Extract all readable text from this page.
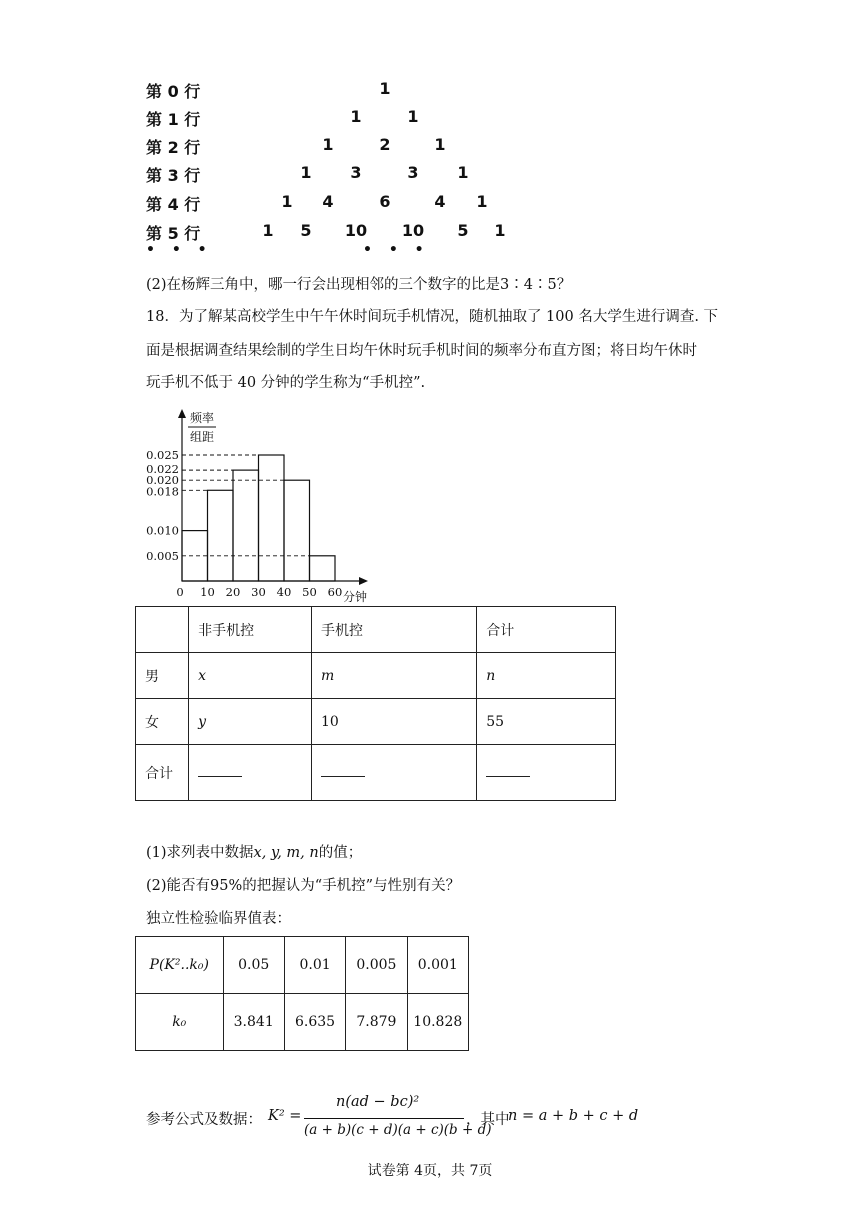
第 0 行	1
第 1 行	1	1
第 2 行	1	2	1
第 3 行	1 3	3 1
第 4 行	1 4	6	4 1
第 5 行	1 5 10 10 5 1
• • •	• • •
(2)在杨辉三角中，哪一行会出现相邻的三个数字的比是3∶4∶5？
18．为了解某高校学生中午午休时间玩手机情况，随机抽取了 100 名大学生进行调查. 下
面是根据调查结果绘制的学生日均午休时玩手机时间的频率分布直方图；将日均午休时
玩手机不低于 40 分钟的学生称为“手机控”.
0.025
0.022
0.020
0.018
0.010
0.005
0 10 20 30 40 50 60
频率
组距
分钟
	非手机控	手机控	合计
男	x	m	n
女	y	10	55
合计			
(1)求列表中数据x, y, m, n的值；
(2)能否有95%的把握认为“手机控”与性别有关？
独立性检验临界值表：
P(K²..k₀)	0.05	0.01	0.005	0.001
k₀	3.841	6.635	7.879	10.828
参考公式及数据： K² =
n(ad − bc)²
(a + b)(c + d)(a + c)(b + d)
，其中
n = a + b + c + d
试卷第 4页，共 7页
